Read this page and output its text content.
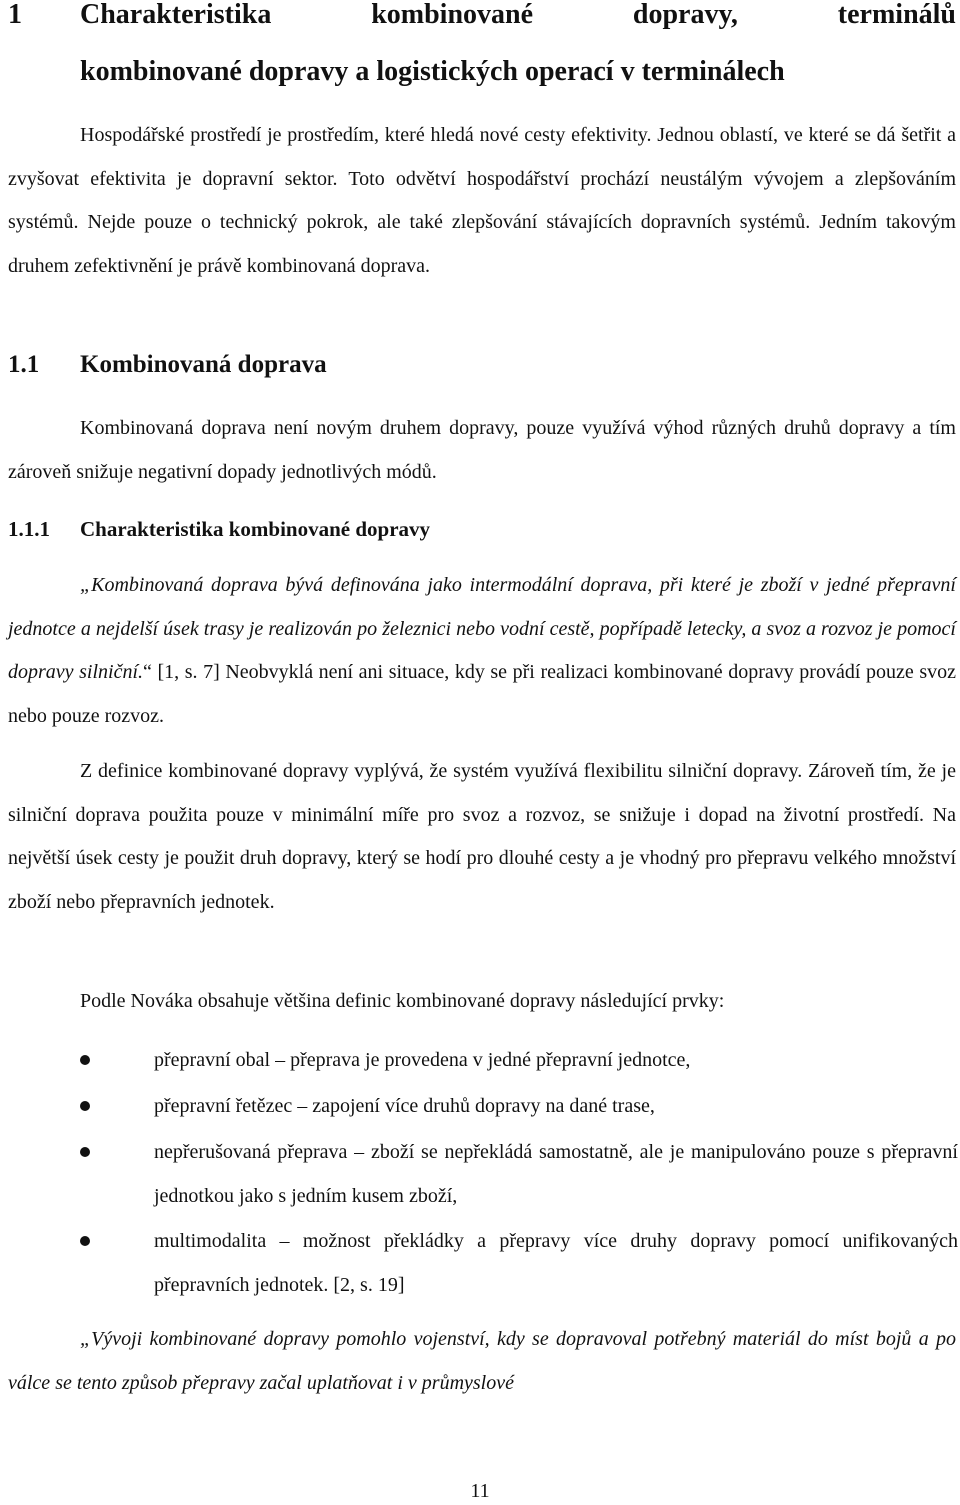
1 Charakteristika kombinované dopravy, terminálů
kombinované dopravy a logistických operací v terminálech

Hospodářské prostředí je prostředím, které hledá nové cesty efektivity. Jednou oblastí, ve které se dá šetřit a zvyšovat efektivita je dopravní sektor. Toto odvětví hospodářství prochází neustálým vývojem a zlepšováním systémů. Nejde pouze o technický pokrok, ale také zlepšování stávajících dopravních systémů. Jedním takovým druhem zefektivnění je právě kombinovaná doprava.

1.1 Kombinovaná doprava

Kombinovaná doprava není novým druhem dopravy, pouze využívá výhod různých druhů dopravy a tím zároveň snižuje negativní dopady jednotlivých módů.

1.1.1 Charakteristika kombinované dopravy

„Kombinovaná doprava bývá definována jako intermodální doprava, při které je zboží v jedné přepravní jednotce a nejdelší úsek trasy je realizován po železnici nebo vodní cestě, popřípadě letecky, a svoz a rozvoz je pomocí dopravy silniční.“ [1, s. 7] Neobvyklá není ani situace, kdy se při realizaci kombinované dopravy provádí pouze svoz nebo pouze rozvoz.

Z definice kombinované dopravy vyplývá, že systém využívá flexibilitu silniční dopravy. Zároveň tím, že je silniční doprava použita pouze v minimální míře pro svoz a rozvoz, se snižuje i dopad na životní prostředí. Na největší úsek cesty je použit druh dopravy, který se hodí pro dlouhé cesty a je vhodný pro přepravu velkého množství zboží nebo přepravních jednotek.

Podle Nováka obsahuje většina definic kombinované dopravy následující prvky:

přepravní obal – přeprava je provedena v jedné přepravní jednotce,

přepravní řetězec – zapojení více druhů dopravy na dané trase,

nepřerušovaná přeprava – zboží se nepřekládá samostatně, ale je manipulováno pouze s přepravní jednotkou jako s jedním kusem zboží,

multimodalita – možnost překládky a přepravy více druhy dopravy pomocí unifikovaných přepravních jednotek. [2, s. 19]

„Vývoji kombinované dopravy pomohlo vojenství, kdy se dopravoval potřebný materiál do míst bojů a po válce se tento způsob přepravy začal uplatňovat i v průmyslové

11
